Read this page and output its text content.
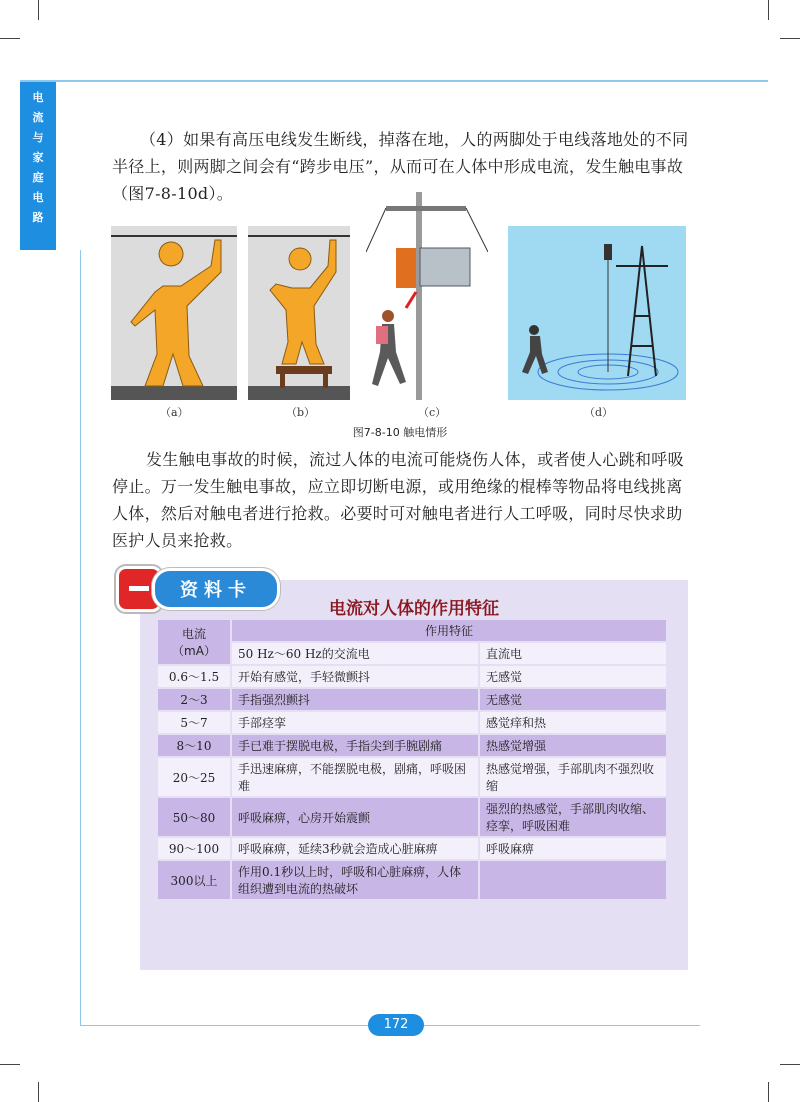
电
流
与
家
庭
电
路

（4）如果有高压电线发生断线，掉落在地，人的两脚处于电线落地处的不同半径上，则两脚之间会有“跨步电压”，从而可在人体中形成电流，发生触电事故（图7-8-10d）。

（a）	（b）	（c）	（d）
图7-8-10 触电情形

发生触电事故的时候，流过人体的电流可能烧伤人体，或者使人心跳和呼吸停止。万一发生触电事故，应立即切断电源，或用绝缘的棍棒等物品将电线挑离人体，然后对触电者进行抢救。必要时可对触电者进行人工呼吸，同时尽快求助医护人员来抢救。

资料卡
电流对人体的作用特征
电流（mA）	作用特征	
	50 Hz～60 Hz的交流电	直流电
0.6～1.5	开始有感觉，手轻微颤抖	无感觉
2～3	手指强烈颤抖	无感觉
5～7	手部痉挛	感觉痒和热
8～10	手已难于摆脱电极，手指尖到手腕剧痛	热感觉增强
20～25	手迅速麻痹，不能摆脱电极，剧痛，呼吸困难	热感觉增强，手部肌肉不强烈收缩
50～80	呼吸麻痹，心房开始震颤	强烈的热感觉，手部肌肉收缩、痉挛，呼吸困难
90～100	呼吸麻痹，延续3秒就会造成心脏麻痹	呼吸麻痹
300以上	作用0.1秒以上时，呼吸和心脏麻痹，人体组织遭到电流的热破坏	
172
